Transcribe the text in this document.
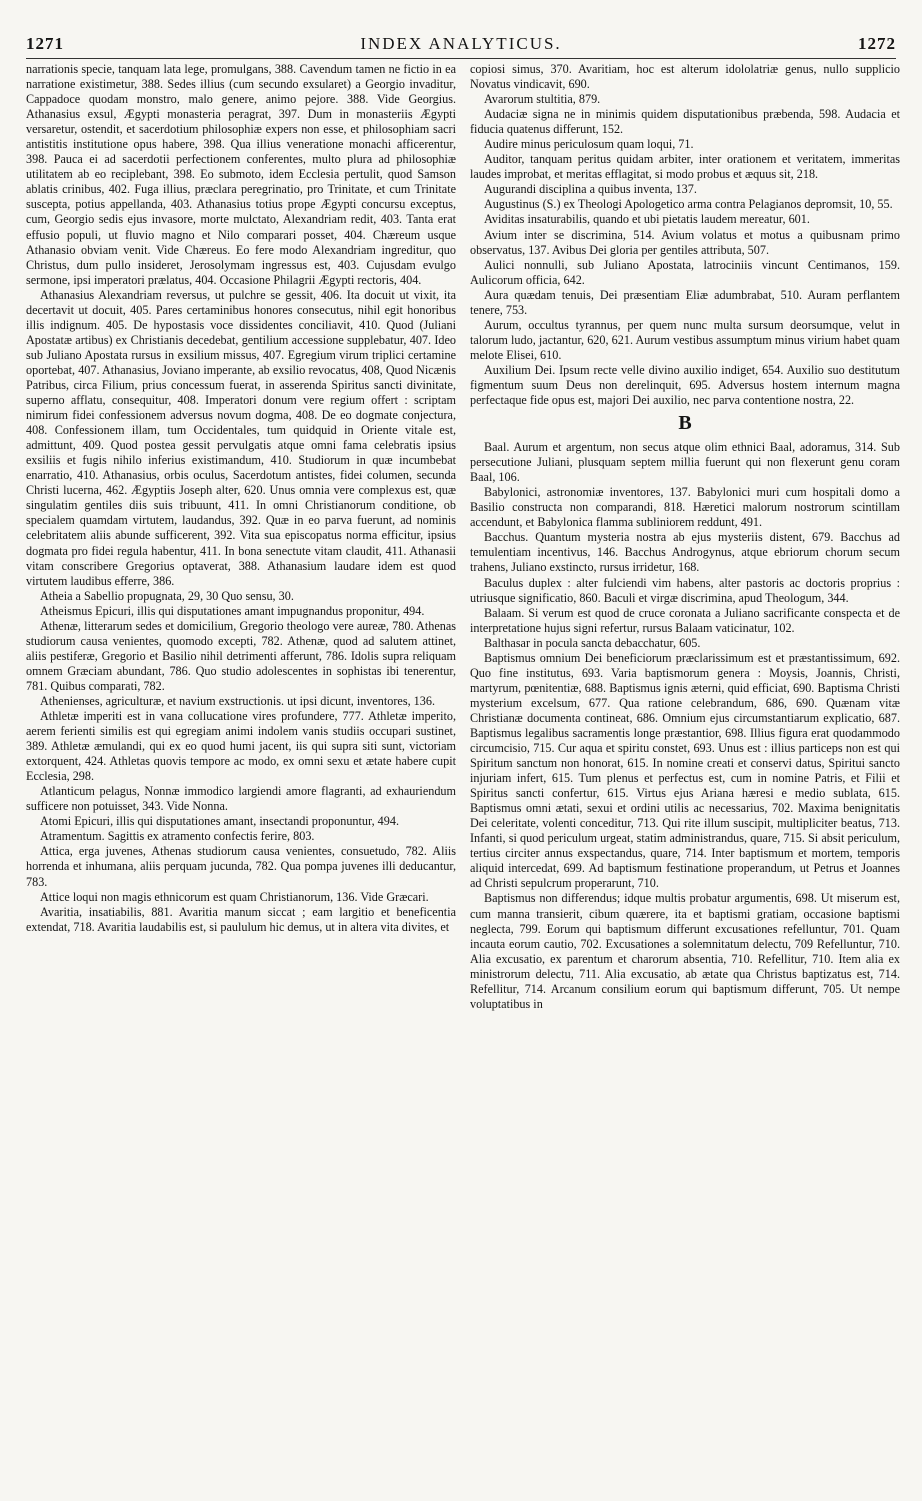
1271	INDEX ANALYTICUS.	1272

narrationis specie, tanquam lata lege, promulgans, 388. Cavendum tamen ne fictio in ea narratione existimetur, 388. Sedes illius (cum secundo exsularet) a Georgio invaditur, Cappadoce quodam monstro, malo genere, animo pejore. 388. Vide Georgius. Athanasius exsul, Ægypti monasteria peragrat, 397. Dum in monasteriis Ægypti versaretur, ostendit, et sacerdotium philosophiæ expers non esse, et philosophiam sacri antistitis institutione opus habere, 398. Qua illius veneratione monachi afficerentur, 398. Pauca ei ad sacerdotii perfectionem conferentes, multo plura ad philosophiæ utilitatem ab eo reciplebant, 398. Eo submoto, idem Ecclesia pertulit, quod Samson ablatis crinibus, 402. Fuga illius, præclara peregrinatio, pro Trinitate, et cum Trinitate suscepta, potius appellanda, 403. Athanasius totius prope Ægypti concursu exceptus, cum, Georgio sedis ejus invasore, morte mulctato, Alexandriam redit, 403. Tanta erat effusio populi, ut fluvio magno et Nilo comparari posset, 404. Chæreum usque Athanasio obviam venit. Vide Chæreus. Eo fere modo Alexandriam ingreditur, quo Christus, dum pullo insideret, Jerosolymam ingressus est, 403. Cujusdam evulgo sermone, ipsi imperatori prælatus, 404. Occasione Philagrii Ægypti rectoris, 404.

Athanasius Alexandriam reversus, ut pulchre se gessit, 406. Ita docuit ut vixit, ita decertavit ut docuit, 405. Pares certaminibus honores consecutus, nihil egit honoribus illis indignum. 405. De hypostasis voce dissidentes conciliavit, 410. Quod (Juliani Apostatæ artibus) ex Christianis decedebat, gentilium accessione supplebatur, 407. Ideo sub Juliano Apostata rursus in exsilium missus, 407. Egregium virum triplici certamine oportebat, 407. Athanasius, Joviano imperante, ab exsilio revocatus, 408, Quod Nicænis Patribus, circa Filium, prius concessum fuerat, in asserenda Spiritus sancti divinitate, superno afflatu, consequitur, 408. Imperatori donum vere regium offert : scriptam nimirum fidei confessionem adversus novum dogma, 408. De eo dogmate conjectura, 408. Confessionem illam, tum Occidentales, tum quidquid in Oriente vitale est, admittunt, 409. Quod postea gessit pervulgatis atque omni fama celebratis ipsius exsiliis et fugis nihilo inferius existimandum, 410. Studiorum in quæ incumbebat enarratio, 410. Athanasius, orbis oculus, Sacerdotum antistes, fidei columen, secunda Christi lucerna, 462. Ægyptiis Joseph alter, 620. Unus omnia vere complexus est, quæ singulatim gentiles diis suis tribuunt, 411. In omni Christianorum conditione, ob specialem quamdam virtutem, laudandus, 392. Quæ in eo parva fuerunt, ad nominis celebritatem aliis abunde sufficerent, 392. Vita sua episcopatus norma efficitur, ipsius dogmata pro fidei regula habentur, 411. In bona senectute vitam claudit, 411. Athanasii vitam conscribere Gregorius optaverat, 388. Athanasium laudare idem est quod virtutem laudibus efferre, 386.

Atheia a Sabellio propugnata, 29, 30 Quo sensu, 30.

Atheismus Epicuri, illis qui disputationes amant impugnandus proponitur, 494.

Athenæ, litterarum sedes et domicilium, Gregorio theologo vere aureæ, 780. Athenas studiorum causa venientes, quomodo excepti, 782. Athenæ, quod ad salutem attinet, aliis pestiferæ, Gregorio et Basilio nihil detrimenti afferunt, 786. Idolis supra reliquam omnem Græciam abundant, 786. Quo studio adolescentes in sophistas ibi tenerentur, 781. Quibus comparati, 782.

Athenienses, agriculturæ, et navium exstructionis. ut ipsi dicunt, inventores, 136.

Athletæ imperiti est in vana collucatione vires profundere, 777. Athletæ imperito, aerem ferienti similis est qui egregiam animi indolem vanis studiis occupari sustinet, 389. Athletæ æmulandi, qui ex eo quod humi jacent, iis qui supra siti sunt, victoriam extorquent, 424. Athletas quovis tempore ac modo, ex omni sexu et ætate habere cupit Ecclesia, 298.

Atlanticum pelagus, Nonnæ immodico largiendi amore flagranti, ad exhauriendum sufficere non potuisset, 343. Vide Nonna.

Atomi Epicuri, illis qui disputationes amant, insectandi proponuntur, 494.

Atramentum. Sagittis ex atramento confectis ferire, 803.

Attica, erga juvenes, Athenas studiorum causa venientes, consuetudo, 782. Aliis horrenda et inhumana, aliis perquam jucunda, 782. Qua pompa juvenes illi deducantur, 783.

Attice loqui non magis ethnicorum est quam Christianorum, 136. Vide Græcari.

Avaritia, insatiabilis, 881. Avaritia manum siccat ; eam largitio et beneficentia extendat, 718. Avaritia laudabilis est, si paululum hic demus, ut in altera vita divites, et

copiosi simus, 370. Avaritiam, hoc est alterum idololatriæ genus, nullo supplicio Novatus vindicavit, 690.

Avarorum stultitia, 879.

Audaciæ signa ne in minimis quidem disputationibus præbenda, 598. Audacia et fiducia quatenus differunt, 152.

Audire minus periculosum quam loqui, 71.

Auditor, tanquam peritus quidam arbiter, inter orationem et veritatem, immeritas laudes improbat, et meritas efflagitat, si modo probus et æquus sit, 218.

Augurandi disciplina a quibus inventa, 137.

Augustinus (S.) ex Theologi Apologetico arma contra Pelagianos depromsit, 10, 55.

Aviditas insaturabilis, quando et ubi pietatis laudem mereatur, 601.

Avium inter se discrimina, 514. Avium volatus et motus a quibusnam primo observatus, 137. Avibus Dei gloria per gentiles attributa, 507.

Aulici nonnulli, sub Juliano Apostata, latrociniis vincunt Centimanos, 159. Aulicorum officia, 642.

Aura quædam tenuis, Dei præsentiam Eliæ adumbrabat, 510. Auram perflantem tenere, 753.

Aurum, occultus tyrannus, per quem nunc multa sursum deorsumque, velut in talorum ludo, jactantur, 620, 621. Aurum vestibus assumptum minus virium habet quam melote Elisei, 610.

Auxilium Dei. Ipsum recte velle divino auxilio indiget, 654. Auxilio suo destitutum figmentum suum Deus non derelinquit, 695. Adversus hostem internum magna perfectaque fide opus est, majori Dei auxilio, nec parva contentione nostra, 22.

B

Baal. Aurum et argentum, non secus atque olim ethnici Baal, adoramus, 314. Sub persecutione Juliani, plusquam septem millia fuerunt qui non flexerunt genu coram Baal, 106.

Babylonici, astronomiæ inventores, 137. Babylonici muri cum hospitali domo a Basilio constructa non comparandi, 818. Hæretici malorum nostrorum scintillam accendunt, et Babylonica flamma subliniorem reddunt, 491.

Bacchus. Quantum mysteria nostra ab ejus mysteriis distent, 679. Bacchus ad temulentiam incentivus, 146. Bacchus Androgynus, atque ebriorum chorum secum trahens, Juliano exstincto, rursus irridetur, 168.

Baculus duplex : alter fulciendi vim habens, alter pastoris ac doctoris proprius : utriusque significatio, 860. Baculi et virgæ discrimina, apud Theologum, 344.

Balaam. Si verum est quod de cruce coronata a Juliano sacrificante conspecta et de interpretatione hujus signi refertur, rursus Balaam vaticinatur, 102.

Balthasar in pocula sancta debacchatur, 605.

Baptismus omnium Dei beneficiorum præclarissimum est et præstantissimum, 692. Quo fine institutus, 693. Varia baptismorum genera : Moysis, Joannis, Christi, martyrum, pœnitentiæ, 688. Baptismus ignis æterni, quid efficiat, 690. Baptisma Christi mysterium excelsum, 677. Qua ratione celebrandum, 686, 690. Quænam vitæ Christianæ documenta contineat, 686. Omnium ejus circumstantiarum explicatio, 687. Baptismus legalibus sacramentis longe præstantior, 698. Illius figura erat quodammodo circumcisio, 715. Cur aqua et spiritu constet, 693. Unus est : illius particeps non est qui Spiritum sanctum non honorat, 615. In nomine creati et conservi datus, Spiritui sancto injuriam infert, 615. Tum plenus et perfectus est, cum in nomine Patris, et Filii et Spiritus sancti confertur, 615. Virtus ejus Ariana hæresi e medio sublata, 615. Baptismus omni ætati, sexui et ordini utilis ac necessarius, 702. Maxima benignitatis Dei celeritate, volenti conceditur, 713. Qui rite illum suscipit, multipliciter beatus, 713. Infanti, si quod periculum urgeat, statim administrandus, quare, 715. Si absit periculum, tertius circiter annus exspectandus, quare, 714. Inter baptismum et mortem, temporis aliquid intercedat, 699. Ad baptismum festinatione properandum, ut Petrus et Joannes ad Christi sepulcrum properarunt, 710.

Baptismus non differendus; idque multis probatur argumentis, 698. Ut miserum est, cum manna transierit, cibum quærere, ita et baptismi gratiam, occasione baptismi neglecta, 799. Eorum qui baptismum differunt excusationes refelluntur, 701. Quam incauta eorum cautio, 702. Excusationes a solemnitatum delectu, 709 Refelluntur, 710. Alia excusatio, ex parentum et charorum absentia, 710. Refellitur, 710. Item alia ex ministrorum delectu, 711. Alia excusatio, ab ætate qua Christus baptizatus est, 714. Refellitur, 714. Arcanum consilium eorum qui baptismum differunt, 705. Ut nempe voluptatibus in
